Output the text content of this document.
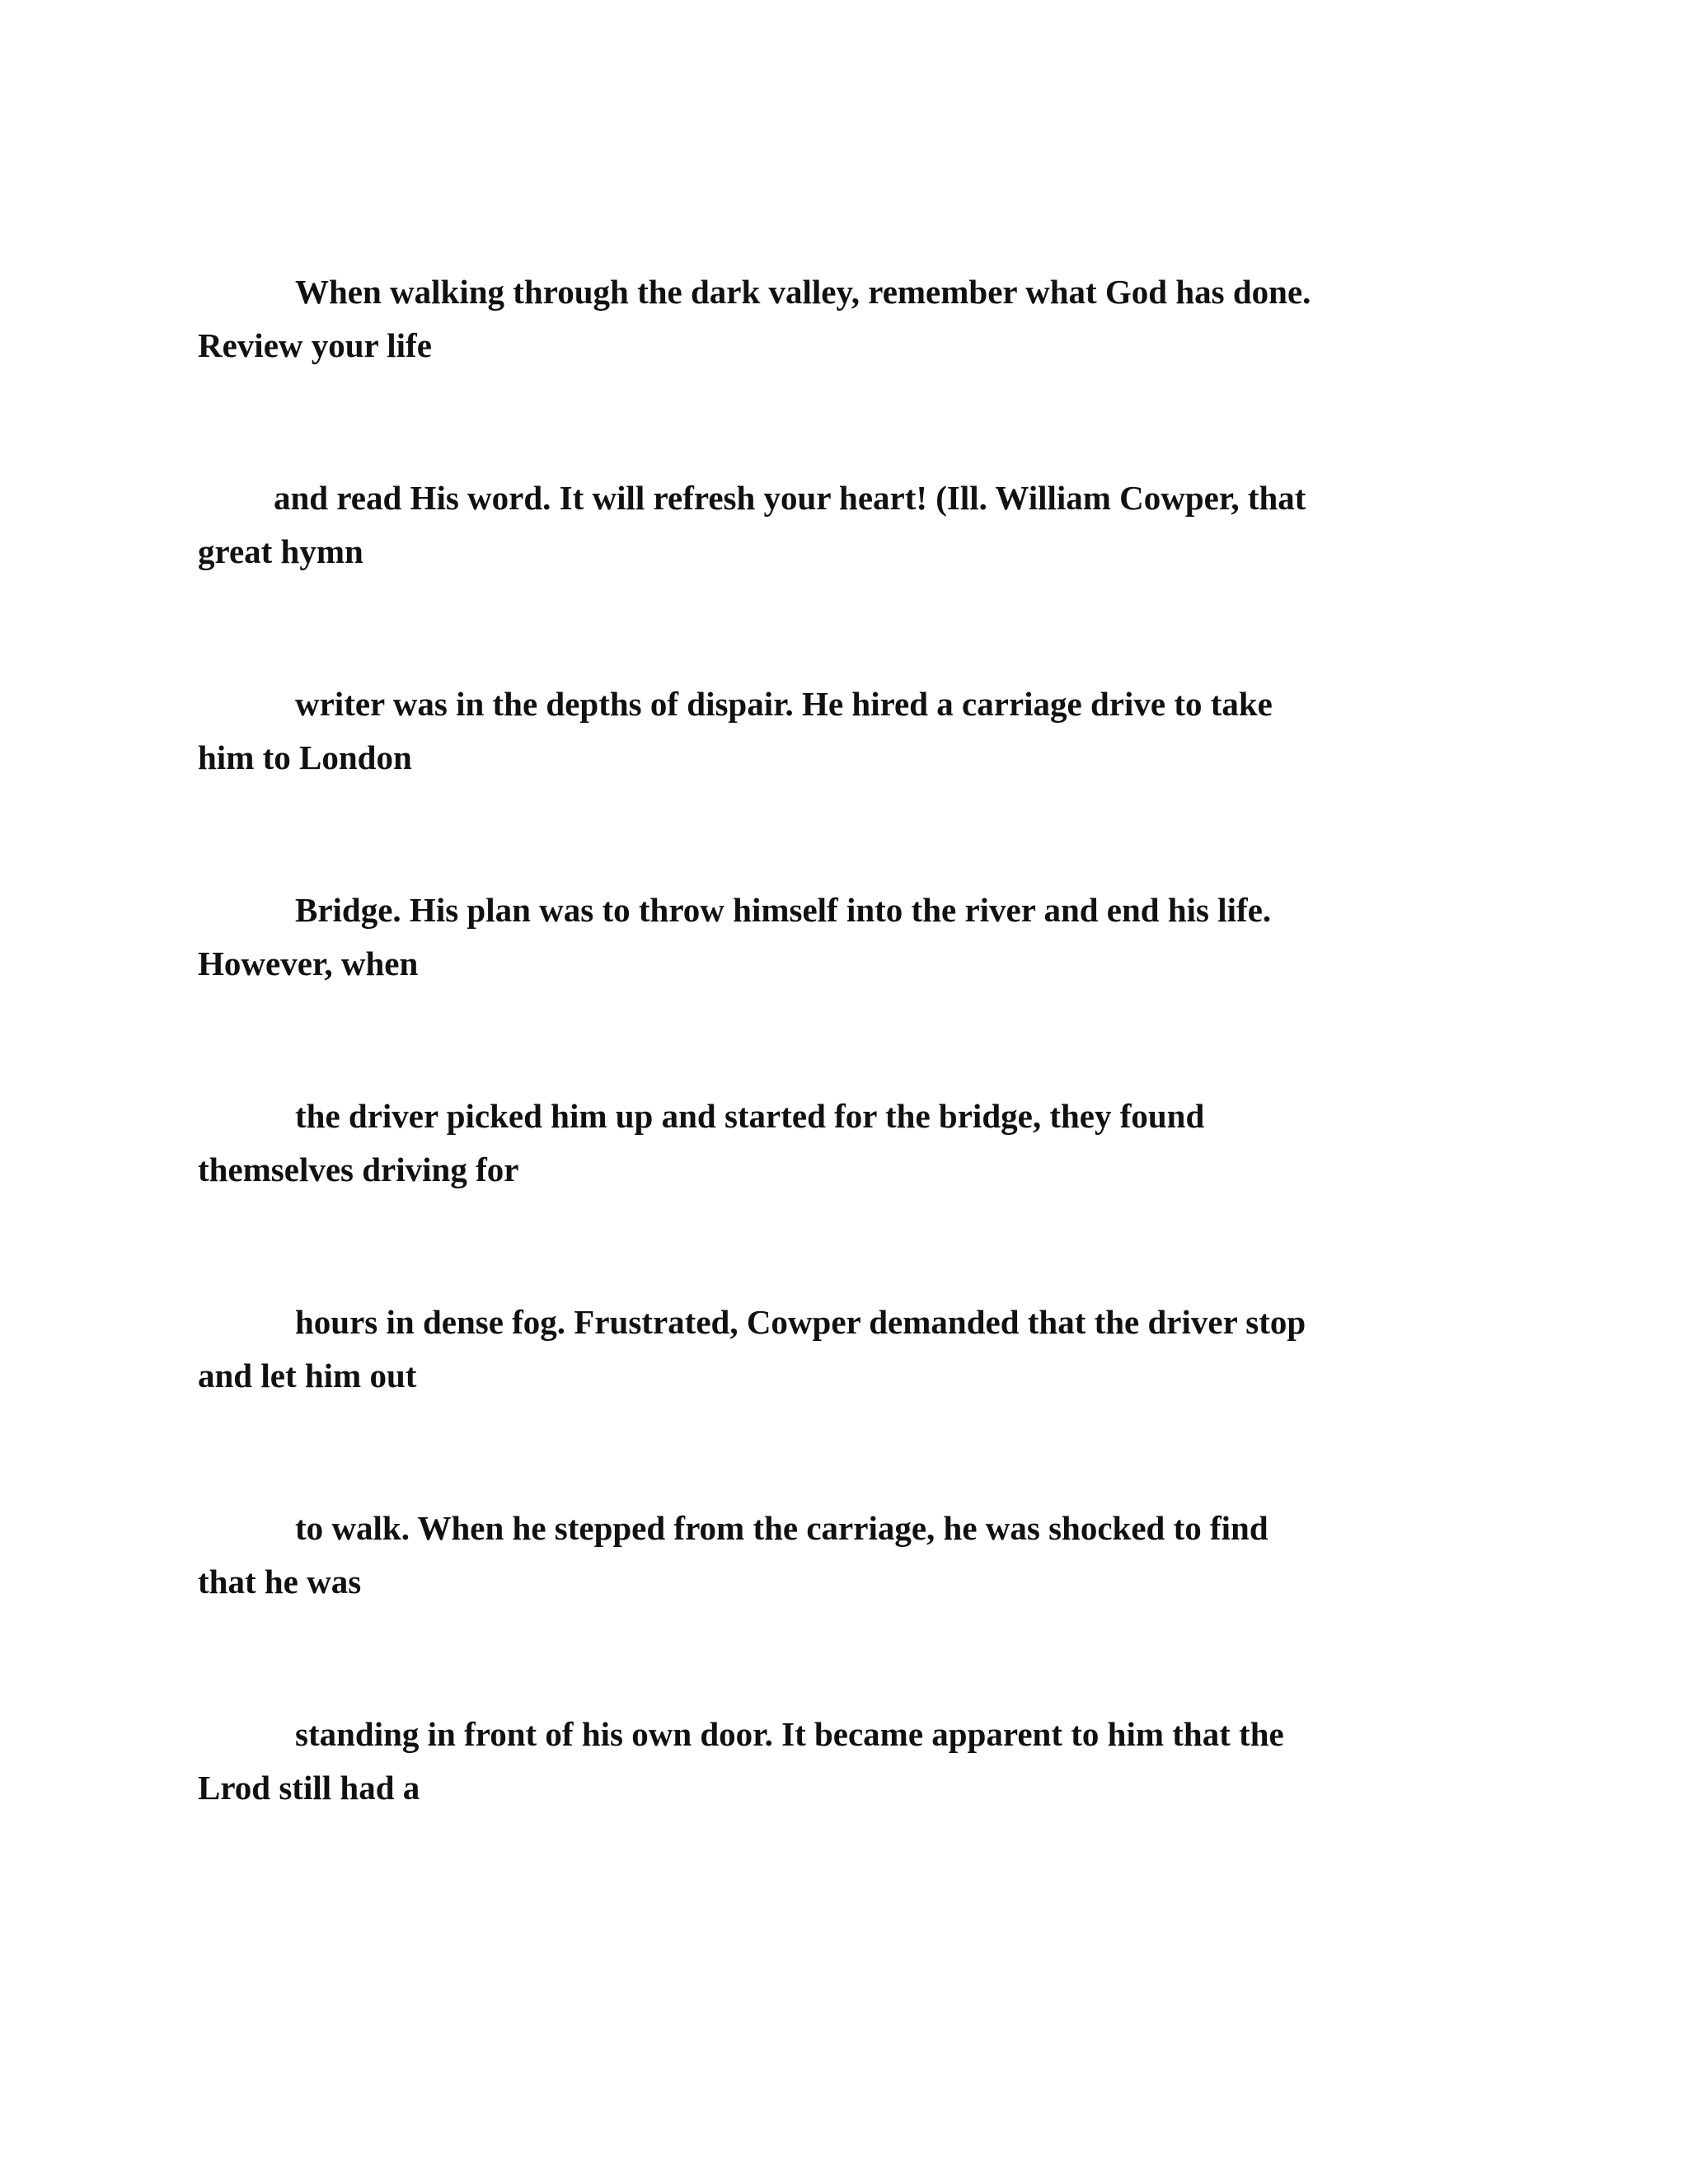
When walking through the dark valley, remember what God has done.
Review your life
and read His word. It will refresh your heart! (Ill. William Cowper, that
great hymn
writer was in the depths of dispair. He hired a carriage drive to take
him to London
Bridge. His plan was to throw himself into the river and end his life.
However, when
the driver picked him up and started for the bridge, they found
themselves driving for
hours in dense fog. Frustrated, Cowper demanded that the driver stop
and let him out
to walk. When he stepped from the carriage, he was shocked to find
that he was
standing in front of his own door. It became apparent to him that the
Lrod still had a
